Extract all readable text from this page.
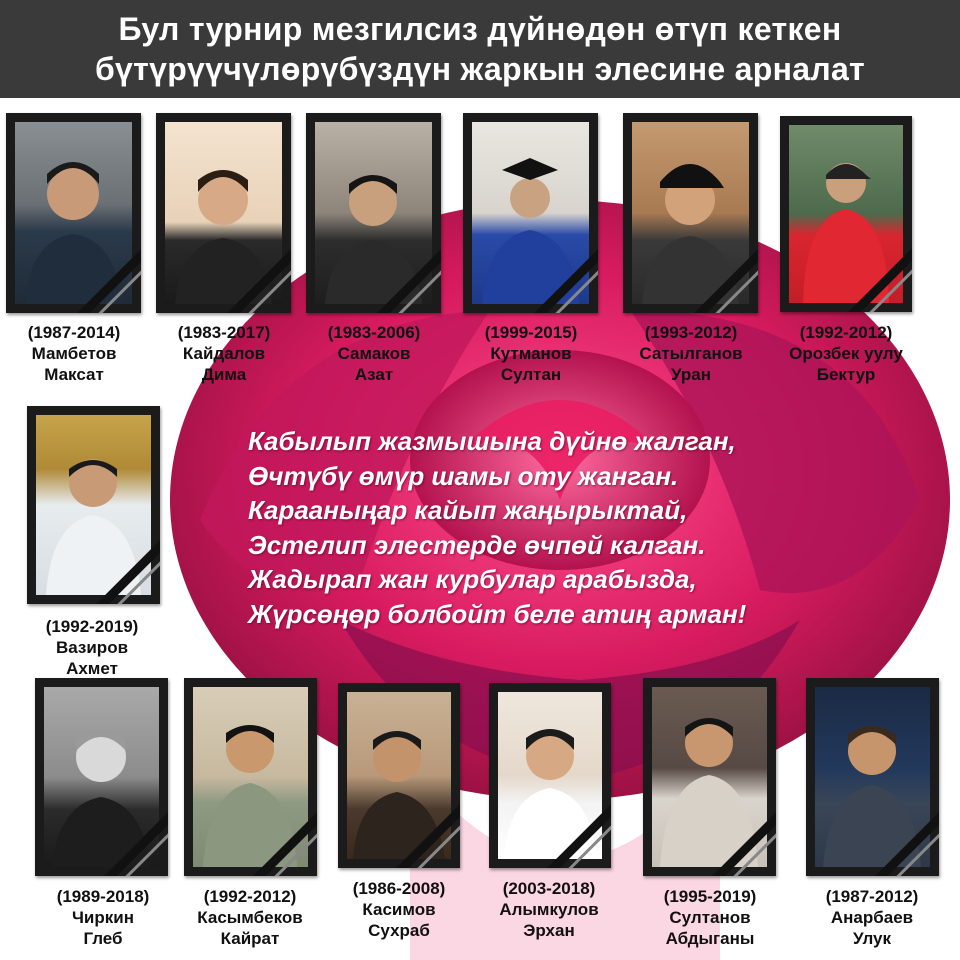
Бул турнир мезгилсиз дүйнөдөн өтүп кеткен
бүтүрүүчүлөрүбүздүн жаркын элесине арналат
(1987-2014)
Мамбетов
Максат
(1983-2017)
Кайдалов
Дима
(1983-2006)
Самаков
Азат
(1999-2015)
Кутманов
Султан
(1993-2012)
Сатылганов
Уран
(1992-2012)
Орозбек уулу
Бектур
(1992-2019)
Вазиров
Ахмет
Кабылып жазмышына дүйнө жалган,
Өчтүбү өмүр шамы оту жанган.
Карааныңар кайып жаңырыктай,
Эстелип элестерде өчпөй калган.
Жадырап жан курбулар арабызда,
Жүрсөңөр болбойт беле атиң арман!
(1989-2018)
Чиркин
Глеб
(1992-2012)
Касымбеков
Кайрат
(1986-2008)
Касимов
Сухраб
(2003-2018)
Алымкулов
Эрхан
(1995-2019)
Султанов
Абдыганы
(1987-2012)
Анарбаев
Улук
